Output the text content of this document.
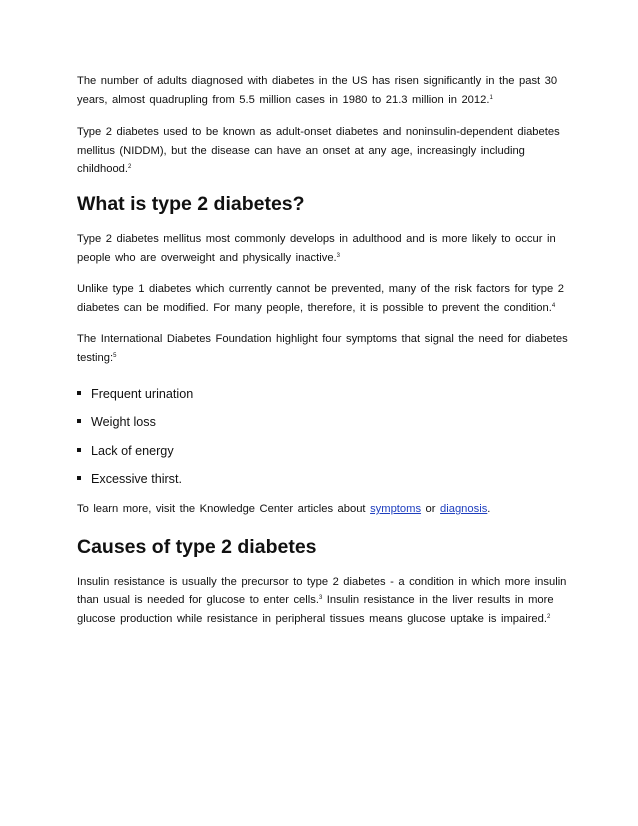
The number of adults diagnosed with diabetes in the US has risen significantly in the past 30 years, almost quadrupling from 5.5 million cases in 1980 to 21.3 million in 2012.$^1$

Type 2 diabetes used to be known as adult-onset diabetes and noninsulin-dependent diabetes mellitus (NIDDM), but the disease can have an onset at any age, increasingly including childhood.$^2$

What is type 2 diabetes?

Type 2 diabetes mellitus most commonly develops in adulthood and is more likely to occur in people who are overweight and physically inactive.$^3$

Unlike type 1 diabetes which currently cannot be prevented, many of the risk factors for type 2 diabetes can be modified. For many people, therefore, it is possible to prevent the condition.$^4$

The International Diabetes Foundation highlight four symptoms that signal the need for diabetes testing:$^5$

Frequent urination
Weight loss
Lack of energy
Excessive thirst.

To learn more, visit the Knowledge Center articles about symptoms or diagnosis.

Causes of type 2 diabetes

Insulin resistance is usually the precursor to type 2 diabetes - a condition in which more insulin than usual is needed for glucose to enter cells.$^3$ Insulin resistance in the liver results in more glucose production while resistance in peripheral tissues means glucose uptake is impaired.$^2$
